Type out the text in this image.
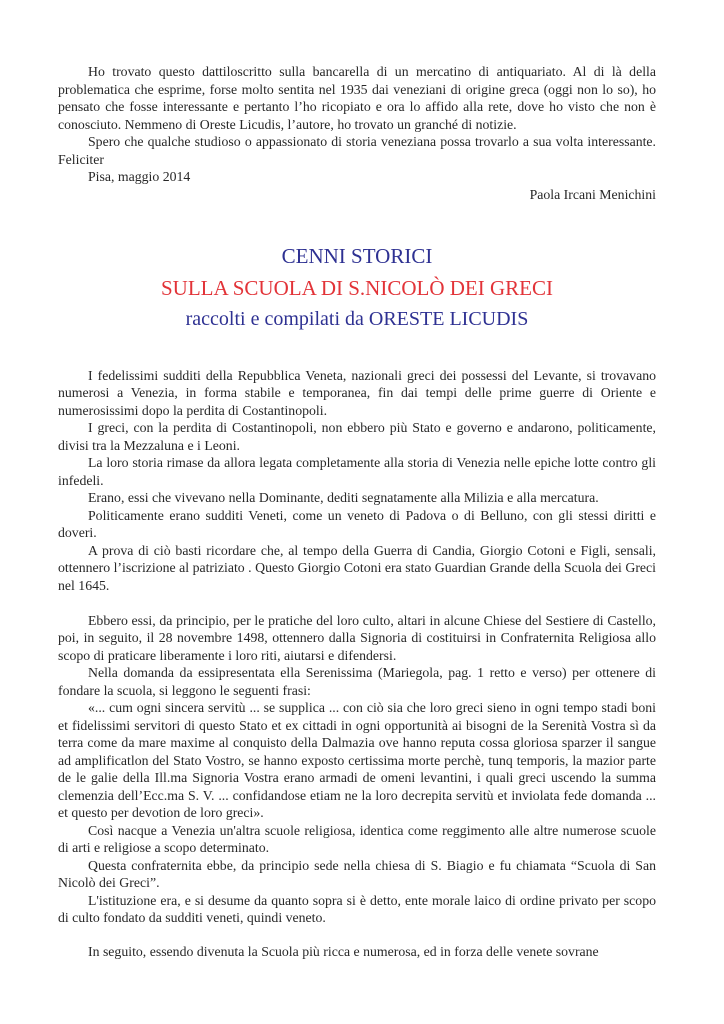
Ho trovato questo dattiloscritto sulla bancarella di un mercatino di antiquariato. Al di là della problematica che esprime, forse molto sentita nel 1935 dai veneziani di origine greca (oggi non lo so), ho pensato che fosse interessante e pertanto l’ho ricopiato e ora lo affido alla rete, dove ho visto che non è conosciuto. Nemmeno di Oreste Licudis, l’autore, ho trovato un granché di notizie.

Spero che qualche studioso o appassionato di storia veneziana possa trovarlo a sua volta interessante. Feliciter

Pisa, maggio 2014

Paola Ircani Menichini

CENNI STORICI
SULLA SCUOLA DI S.NICOLÒ DEI GRECI
raccolti e compilati da ORESTE LICUDIS

I fedelissimi sudditi della Repubblica Veneta, nazionali greci dei possessi del Levante, si trovavano numerosi a Venezia, in forma stabile e temporanea, fin dai tempi delle prime guerre di Oriente e numerosissimi dopo la perdita di Costantinopoli.

I greci, con la perdita di Costantinopoli, non ebbero più Stato e governo e andarono, politicamente, divisi tra la Mezzaluna e i Leoni.

La loro storia rimase da allora legata completamente alla storia di Venezia nelle epiche lotte contro gli infedeli.

Erano, essi che vivevano nella Dominante, dediti segnatamente alla Milizia e alla mercatura.

Politicamente erano sudditi Veneti, come un veneto di Padova o di Belluno, con gli stessi diritti e doveri.

A prova di ciò basti ricordare che, al tempo della Guerra di Candia, Giorgio Cotoni e Figli, sensali, ottennero l’iscrizione al patriziato . Questo Giorgio Cotoni era stato Guardian Grande della Scuola dei Greci nel 1645.

Ebbero essi, da principio, per le pratiche del loro culto, altari in alcune Chiese del Sestiere di Castello, poi, in seguito, il 28 novembre 1498, ottennero dalla Signoria di costituirsi in Confraternita Religiosa allo scopo di praticare liberamente i loro riti, aiutarsi e difendersi.

Nella domanda da essipresentata ella Serenissima (Mariegola, pag. 1 retto e verso) per ottenere di fondare la scuola, si leggono le seguenti frasi:

«... cum ogni sincera servitù ... se supplica ... con ciò sia che loro greci sieno in ogni tempo stadi boni et fidelissimi servitori di questo Stato et ex cittadi in ogni opportunità ai bisogni de la Serenità Vostra sì da terra come da mare maxime al conquisto della Dalmazia ove hanno reputa cossa gloriosa sparzer il sangue ad amplificatlon del Stato Vostro, se hanno exposto certissima morte perchè, tunq temporis, la mazior parte de le galie della Ill.ma Signoria Vostra erano armadi de omeni levantini, i quali greci uscendo la summa clemenzia dell’Ecc.ma S. V. ... confidandose etiam ne la loro decrepita servitù et inviolata fede domanda ... et questo per devotion de loro greci».

Così nacque a Venezia un'altra scuole religiosa, identica come reggimento alle altre numerose scuole di arti e religiose a scopo determinato.

Questa confraternita ebbe, da principio sede nella chiesa di S. Biagio e fu chiamata “Scuola di San Nicolò dei Greci”.

L'istituzione era, e si desume da quanto sopra si è detto, ente morale laico di ordine privato per scopo di culto fondato da sudditi veneti, quindi veneto.

In seguito, essendo divenuta la Scuola più ricca e numerosa, ed in forza delle venete sovrane
